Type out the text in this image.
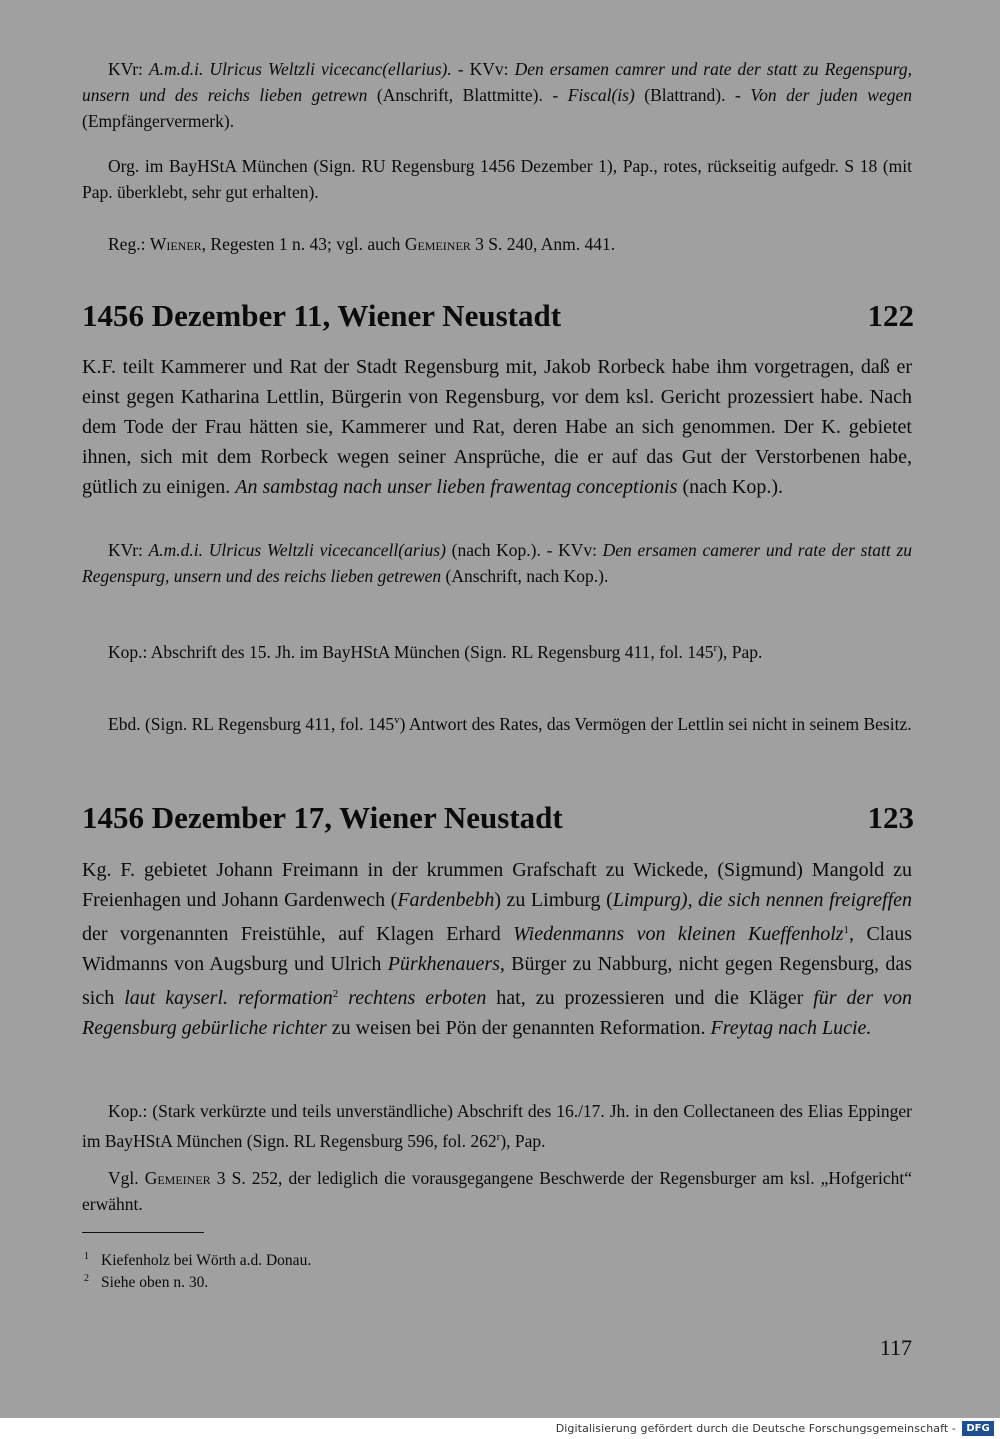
KVr: A.m.d.i. Ulricus Weltzli vicecanc(ellarius). - KVv: Den ersamen camrer und rate der statt zu Regenspurg, unsern und des reichs lieben getrewn (Anschrift, Blattmitte). - Fiscal(is) (Blattrand). - Von der juden wegen (Empfängervermerk).

Org. im BayHStA München (Sign. RU Regensburg 1456 Dezember 1), Pap., rotes, rückseitig aufgedr. S 18 (mit Pap. überklebt, sehr gut erhalten).

Reg.: Wiener, Regesten 1 n. 43; vgl. auch Gemeiner 3 S. 240, Anm. 441.

1456 Dezember 11, Wiener Neustadt	122

K.F. teilt Kammerer und Rat der Stadt Regensburg mit, Jakob Rorbeck habe ihm vorgetragen, daß er einst gegen Katharina Lettlin, Bürgerin von Regensburg, vor dem ksl. Gericht prozessiert habe. Nach dem Tode der Frau hätten sie, Kammerer und Rat, deren Habe an sich genommen. Der K. gebietet ihnen, sich mit dem Rorbeck wegen seiner Ansprüche, die er auf das Gut der Verstorbenen habe, gütlich zu einigen. An sambstag nach unser lieben frawentag conceptionis (nach Kop.).

KVr: A.m.d.i. Ulricus Weltzli vicecancell(arius) (nach Kop.). - KVv: Den ersamen camerer und rate der statt zu Regenspurg, unsern und des reichs lieben getrewen (Anschrift, nach Kop.).

Kop.: Abschrift des 15. Jh. im BayHStA München (Sign. RL Regensburg 411, fol. 145$^r$), Pap.

Ebd. (Sign. RL Regensburg 411, fol. 145$^v$) Antwort des Rates, das Vermögen der Lettlin sei nicht in seinem Besitz.

1456 Dezember 17, Wiener Neustadt	123

Kg. F. gebietet Johann Freimann in der krummen Grafschaft zu Wickede, (Sigmund) Mangold zu Freienhagen und Johann Gardenwech (Fardenbebh) zu Limburg (Limpurg), die sich nennen freigreffen der vorgenannten Freistühle, auf Klagen Erhard Wiedenmanns von kleinen Kueffenholz$^1$, Claus Widmanns von Augsburg und Ulrich Pürkhenauers, Bürger zu Nabburg, nicht gegen Regensburg, das sich laut kayserl. reformation$^2$ rechtens erboten hat, zu prozessieren und die Kläger für der von Regensburg gebürliche richter zu weisen bei Pön der genannten Reformation. Freytag nach Lucie.

Kop.: (Stark verkürzte und teils unverständliche) Abschrift des 16./17. Jh. in den Collectaneen des Elias Eppinger im BayHStA München (Sign. RL Regensburg 596, fol. 262$^r$), Pap.

Vgl. Gemeiner 3 S. 252, der lediglich die vorausgegangene Beschwerde der Regensburger am ksl. „Hofgericht“ erwähnt.

$^1$ Kiefenholz bei Wörth a.d. Donau.
$^2$ Siehe oben n. 30.
117
Digitalisierung gefördert durch die Deutsche Forschungsgemeinschaft -	DFG
